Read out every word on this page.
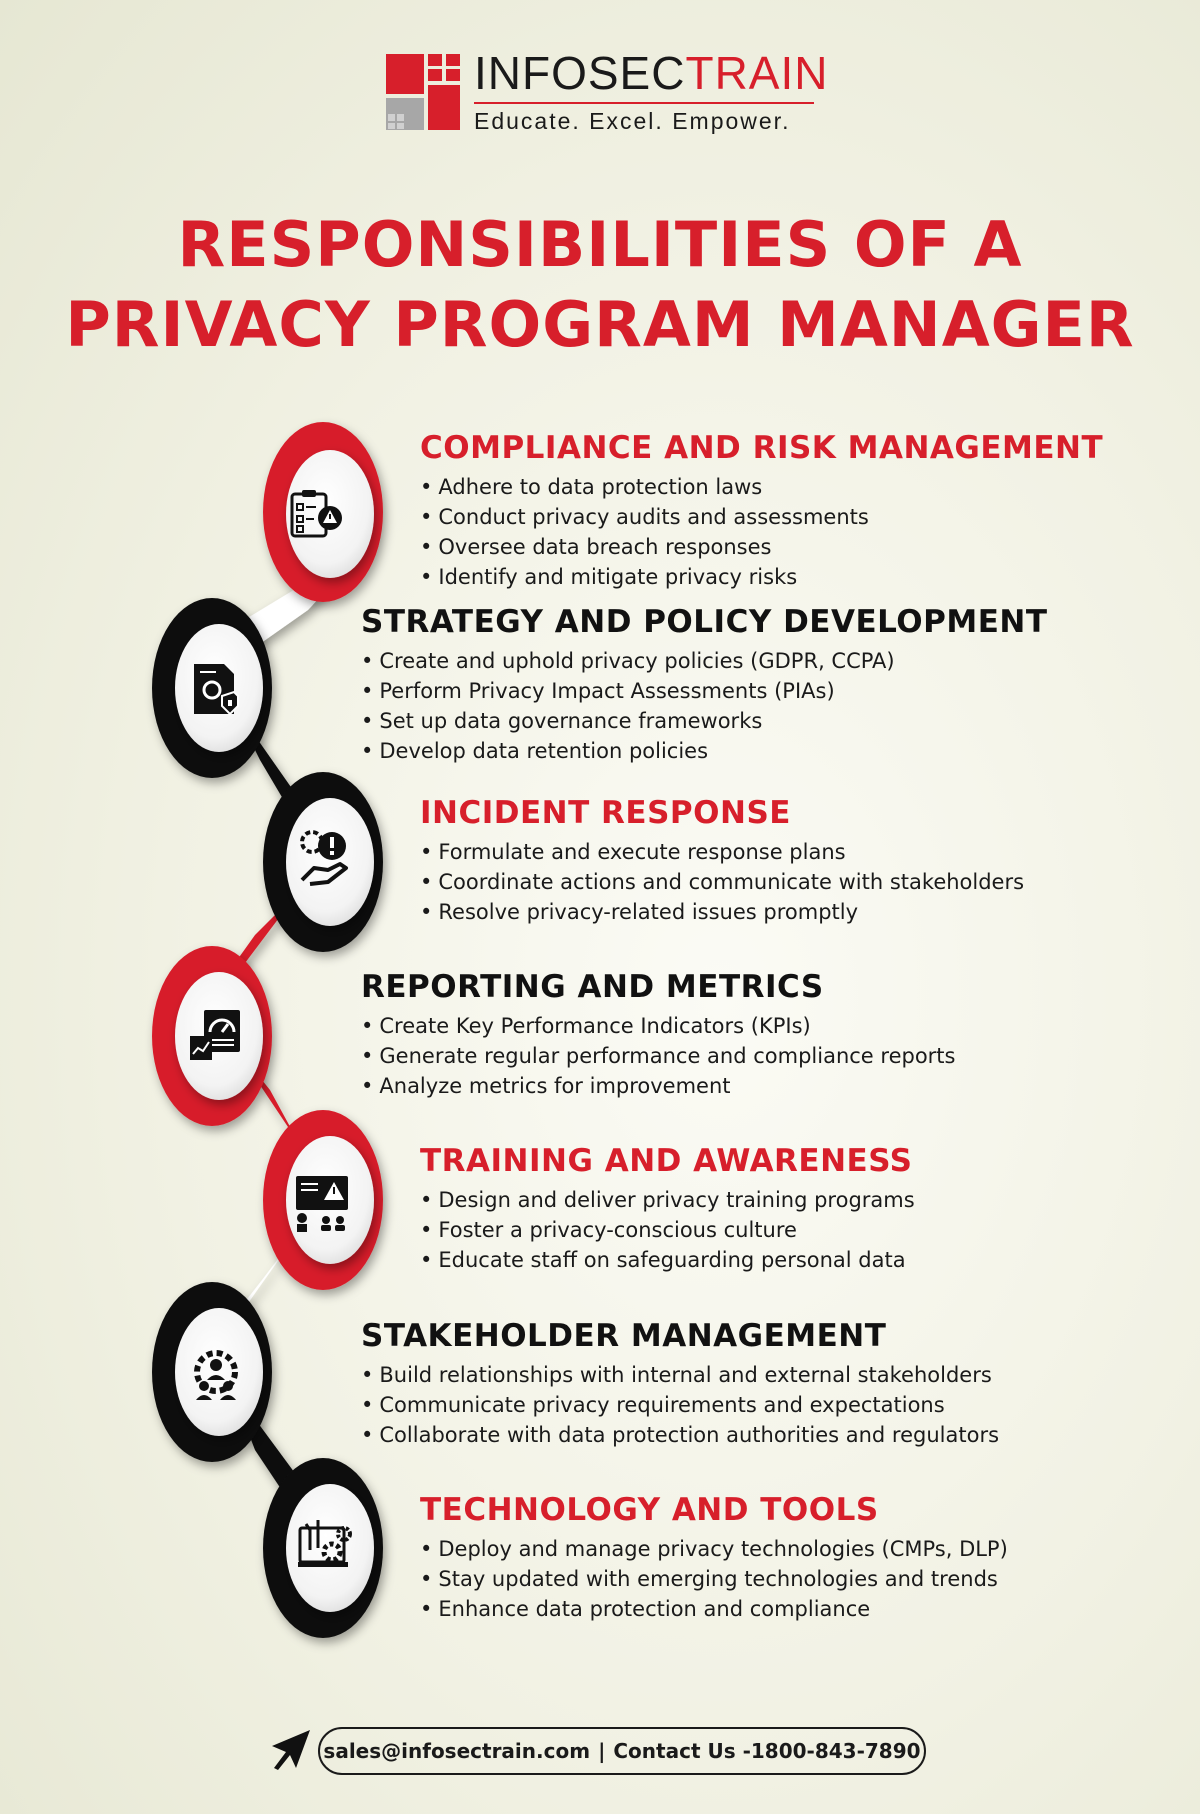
INFOSECTRAIN
Educate. Excel. Empower.
RESPONSIBILITIES OF A
PRIVACY PROGRAM MANAGER
COMPLIANCE AND RISK MANAGEMENT
• Adhere to data protection laws
• Conduct privacy audits and assessments
• Oversee data breach responses
• Identify and mitigate privacy risks
STRATEGY AND POLICY DEVELOPMENT
• Create and uphold privacy policies (GDPR, CCPA)
• Perform Privacy Impact Assessments (PIAs)
• Set up data governance frameworks
• Develop data retention policies
INCIDENT RESPONSE
• Formulate and execute response plans
• Coordinate actions and communicate with stakeholders
• Resolve privacy-related issues promptly
REPORTING AND METRICS
• Create Key Performance Indicators (KPIs)
• Generate regular performance and compliance reports
• Analyze metrics for improvement
TRAINING AND AWARENESS
• Design and deliver privacy training programs
• Foster a privacy-conscious culture
• Educate staff on safeguarding personal data
STAKEHOLDER MANAGEMENT
• Build relationships with internal and external stakeholders
• Communicate privacy requirements and expectations
• Collaborate with data protection authorities and regulators
TECHNOLOGY AND TOOLS
• Deploy and manage privacy technologies (CMPs, DLP)
• Stay updated with emerging technologies and trends
• Enhance data protection and compliance
sales@infosectrain.com | Contact Us -1800-843-7890
